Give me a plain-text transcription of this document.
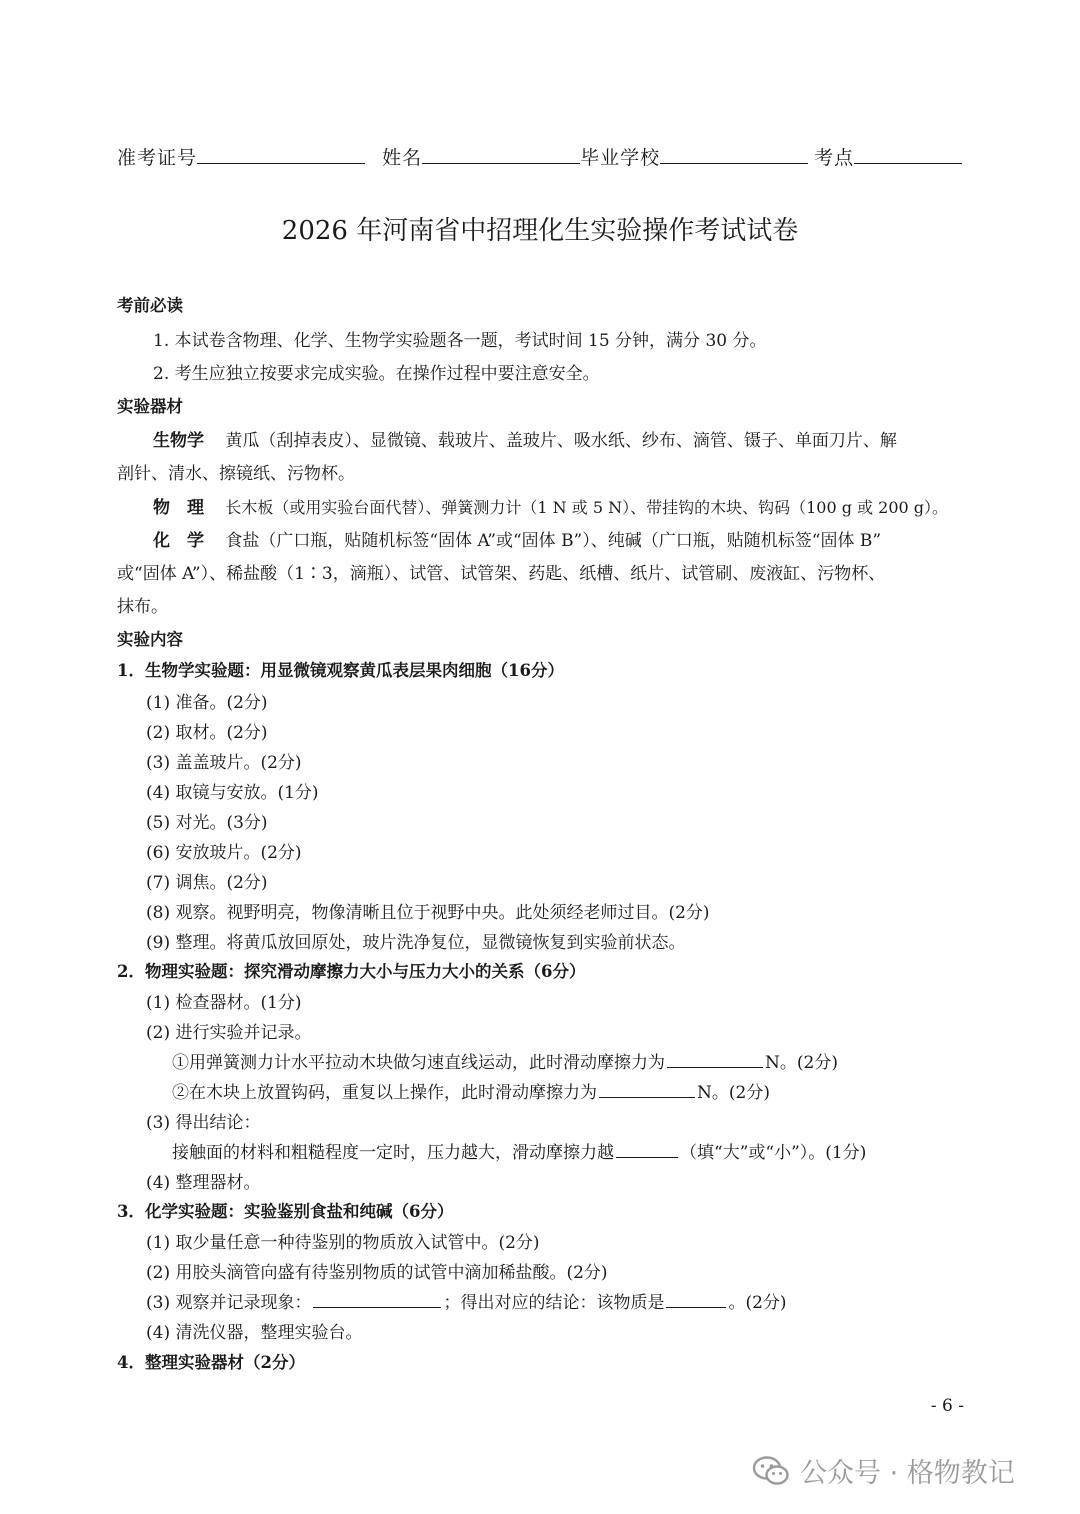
准考证号	姓名	毕业学校	考点
2026 年河南省中招理化生实验操作考试试卷
考前必读
1. 本试卷含物理、化学、生物学实验题各一题，考试时间 15 分钟，满分 30 分。
2. 考生应独立按要求完成实验。在操作过程中要注意安全。
实验器材
生物学 黄瓜（刮掉表皮）、显微镜、载玻片、盖玻片、吸水纸、纱布、滴管、镊子、单面刀片、解
剖针、清水、擦镜纸、污物杯。
物　理 长木板（或用实验台面代替）、弹簧测力计（1 N 或 5 N）、带挂钩的木块、钩码（100 g 或 200 g）。
化　学 食盐（广口瓶，贴随机标签“固体 A”或“固体 B”）、纯碱（广口瓶，贴随机标签“固体 B”
或“固体 A”）、稀盐酸（1∶3，滴瓶）、试管、试管架、药匙、纸槽、纸片、试管刷、废液缸、污物杯、
抹布。
实验内容
1．生物学实验题：用显微镜观察黄瓜表层果肉细胞（16分）
(1) 准备。(2分)
(2) 取材。(2分)
(3) 盖盖玻片。(2分)
(4) 取镜与安放。(1分)
(5) 对光。(3分)
(6) 安放玻片。(2分)
(7) 调焦。(2分)
(8) 观察。视野明亮，物像清晰且位于视野中央。此处须经老师过目。(2分)
(9) 整理。将黄瓜放回原处，玻片洗净复位，显微镜恢复到实验前状态。
2．物理实验题：探究滑动摩擦力大小与压力大小的关系（6分）
(1) 检查器材。(1分)
(2) 进行实验并记录。
①用弹簧测力计水平拉动木块做匀速直线运动，此时滑动摩擦力为	N。(2分)
②在木块上放置钩码，重复以上操作，此时滑动摩擦力为	N。(2分)
(3) 得出结论：
接触面的材料和粗糙程度一定时，压力越大，滑动摩擦力越	（填“大”或“小”）。(1分)
(4) 整理器材。
3．化学实验题：实验鉴别食盐和纯碱（6分）
(1) 取少量任意一种待鉴别的物质放入试管中。(2分)
(2) 用胶头滴管向盛有待鉴别物质的试管中滴加稀盐酸。(2分)
(3) 观察并记录现象：	；得出对应的结论：该物质是	。(2分)
(4) 清洗仪器，整理实验台。
4．整理实验器材（2分）
- 6 -
公众号 · 格物教记
